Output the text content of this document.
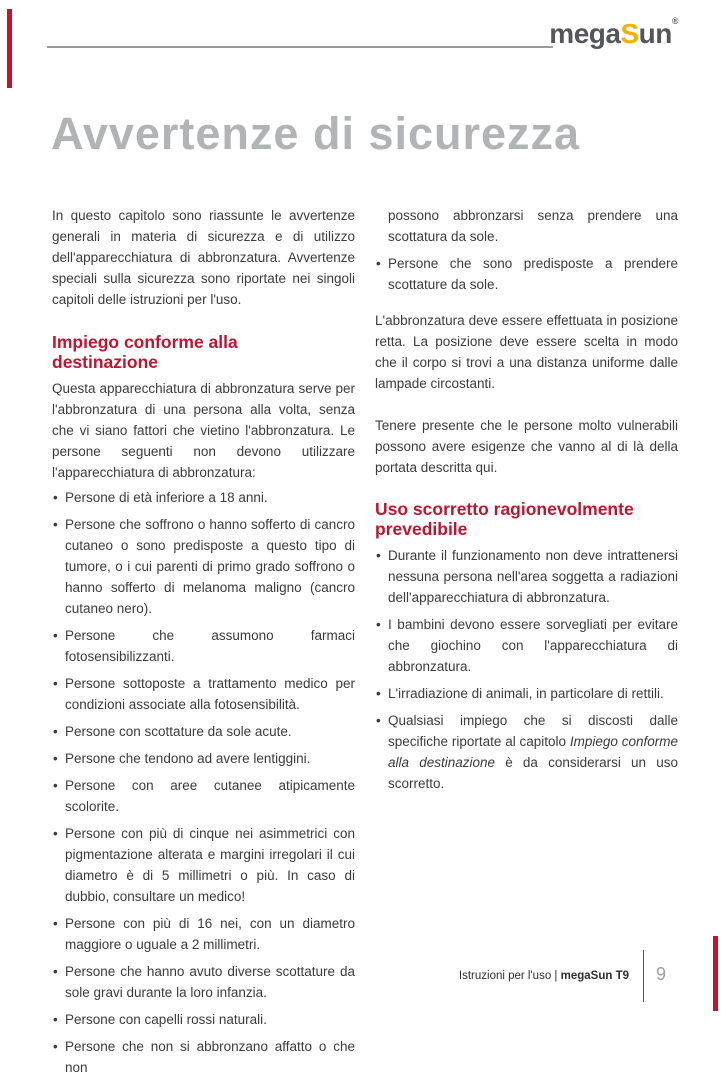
megaSun®
Avvertenze di sicurezza

In questo capitolo sono riassunte le avvertenze generali in materia di sicurezza e di utilizzo dell'apparecchiatura di abbronzatura. Avvertenze speciali sulla sicurezza sono riportate nei singoli capitoli delle istruzioni per l'uso.

Impiego conforme alla destinazione

Questa apparecchiatura di abbronzatura serve per l'abbronzatura di una persona alla volta, senza che vi siano fattori che vietino l'abbronzatura. Le persone seguenti non devono utilizzare l'apparecchiatura di abbronzatura:

• Persone di età inferiore a 18 anni.
• Persone che soffrono o hanno sofferto di cancro cutaneo o sono predisposte a questo tipo di tumore, o i cui parenti di primo grado soffrono o hanno sofferto di melanoma maligno (cancro cutaneo nero).
• Persone che assumono farmaci fotosensibilizzanti.
• Persone sottoposte a trattamento medico per condizioni associate alla fotosensibilità.
• Persone con scottature da sole acute.
• Persone che tendono ad avere lentiggini.
• Persone con aree cutanee atipicamente scolorite.
• Persone con più di cinque nei asimmetrici con pigmentazione alterata e margini irregolari il cui diametro è di 5 millimetri o più. In caso di dubbio, consultare un medico!
• Persone con più di 16 nei, con un diametro maggiore o uguale a 2 millimetri.
• Persone che hanno avuto diverse scottature da sole gravi durante la loro infanzia.
• Persone con capelli rossi naturali.
• Persone che non si abbronzano affatto o che non
possono abbronzarsi senza prendere una scottatura da sole.
• Persone che sono predisposte a prendere scottature da sole.

L'abbronzatura deve essere effettuata in posizione retta. La posizione deve essere scelta in modo che il corpo si trovi a una distanza uniforme dalle lampade circostanti.

Tenere presente che le persone molto vulnerabili possono avere esigenze che vanno al di là della portata descritta qui.

Uso scorretto ragionevolmente prevedibile
• Durante il funzionamento non deve intrattenersi nessuna persona nell'area soggetta a radiazioni dell'apparecchiatura di abbronzatura.
• I bambini devono essere sorvegliati per evitare che giochino con l'apparecchiatura di abbronzatura.
• L'irradiazione di animali, in particolare di rettili.
• Qualsiasi impiego che si discosti dalle specifiche riportate al capitolo Impiego conforme alla destinazione è da considerarsi un uso scorretto.
Istruzioni per l'uso | megaSun T9 9
